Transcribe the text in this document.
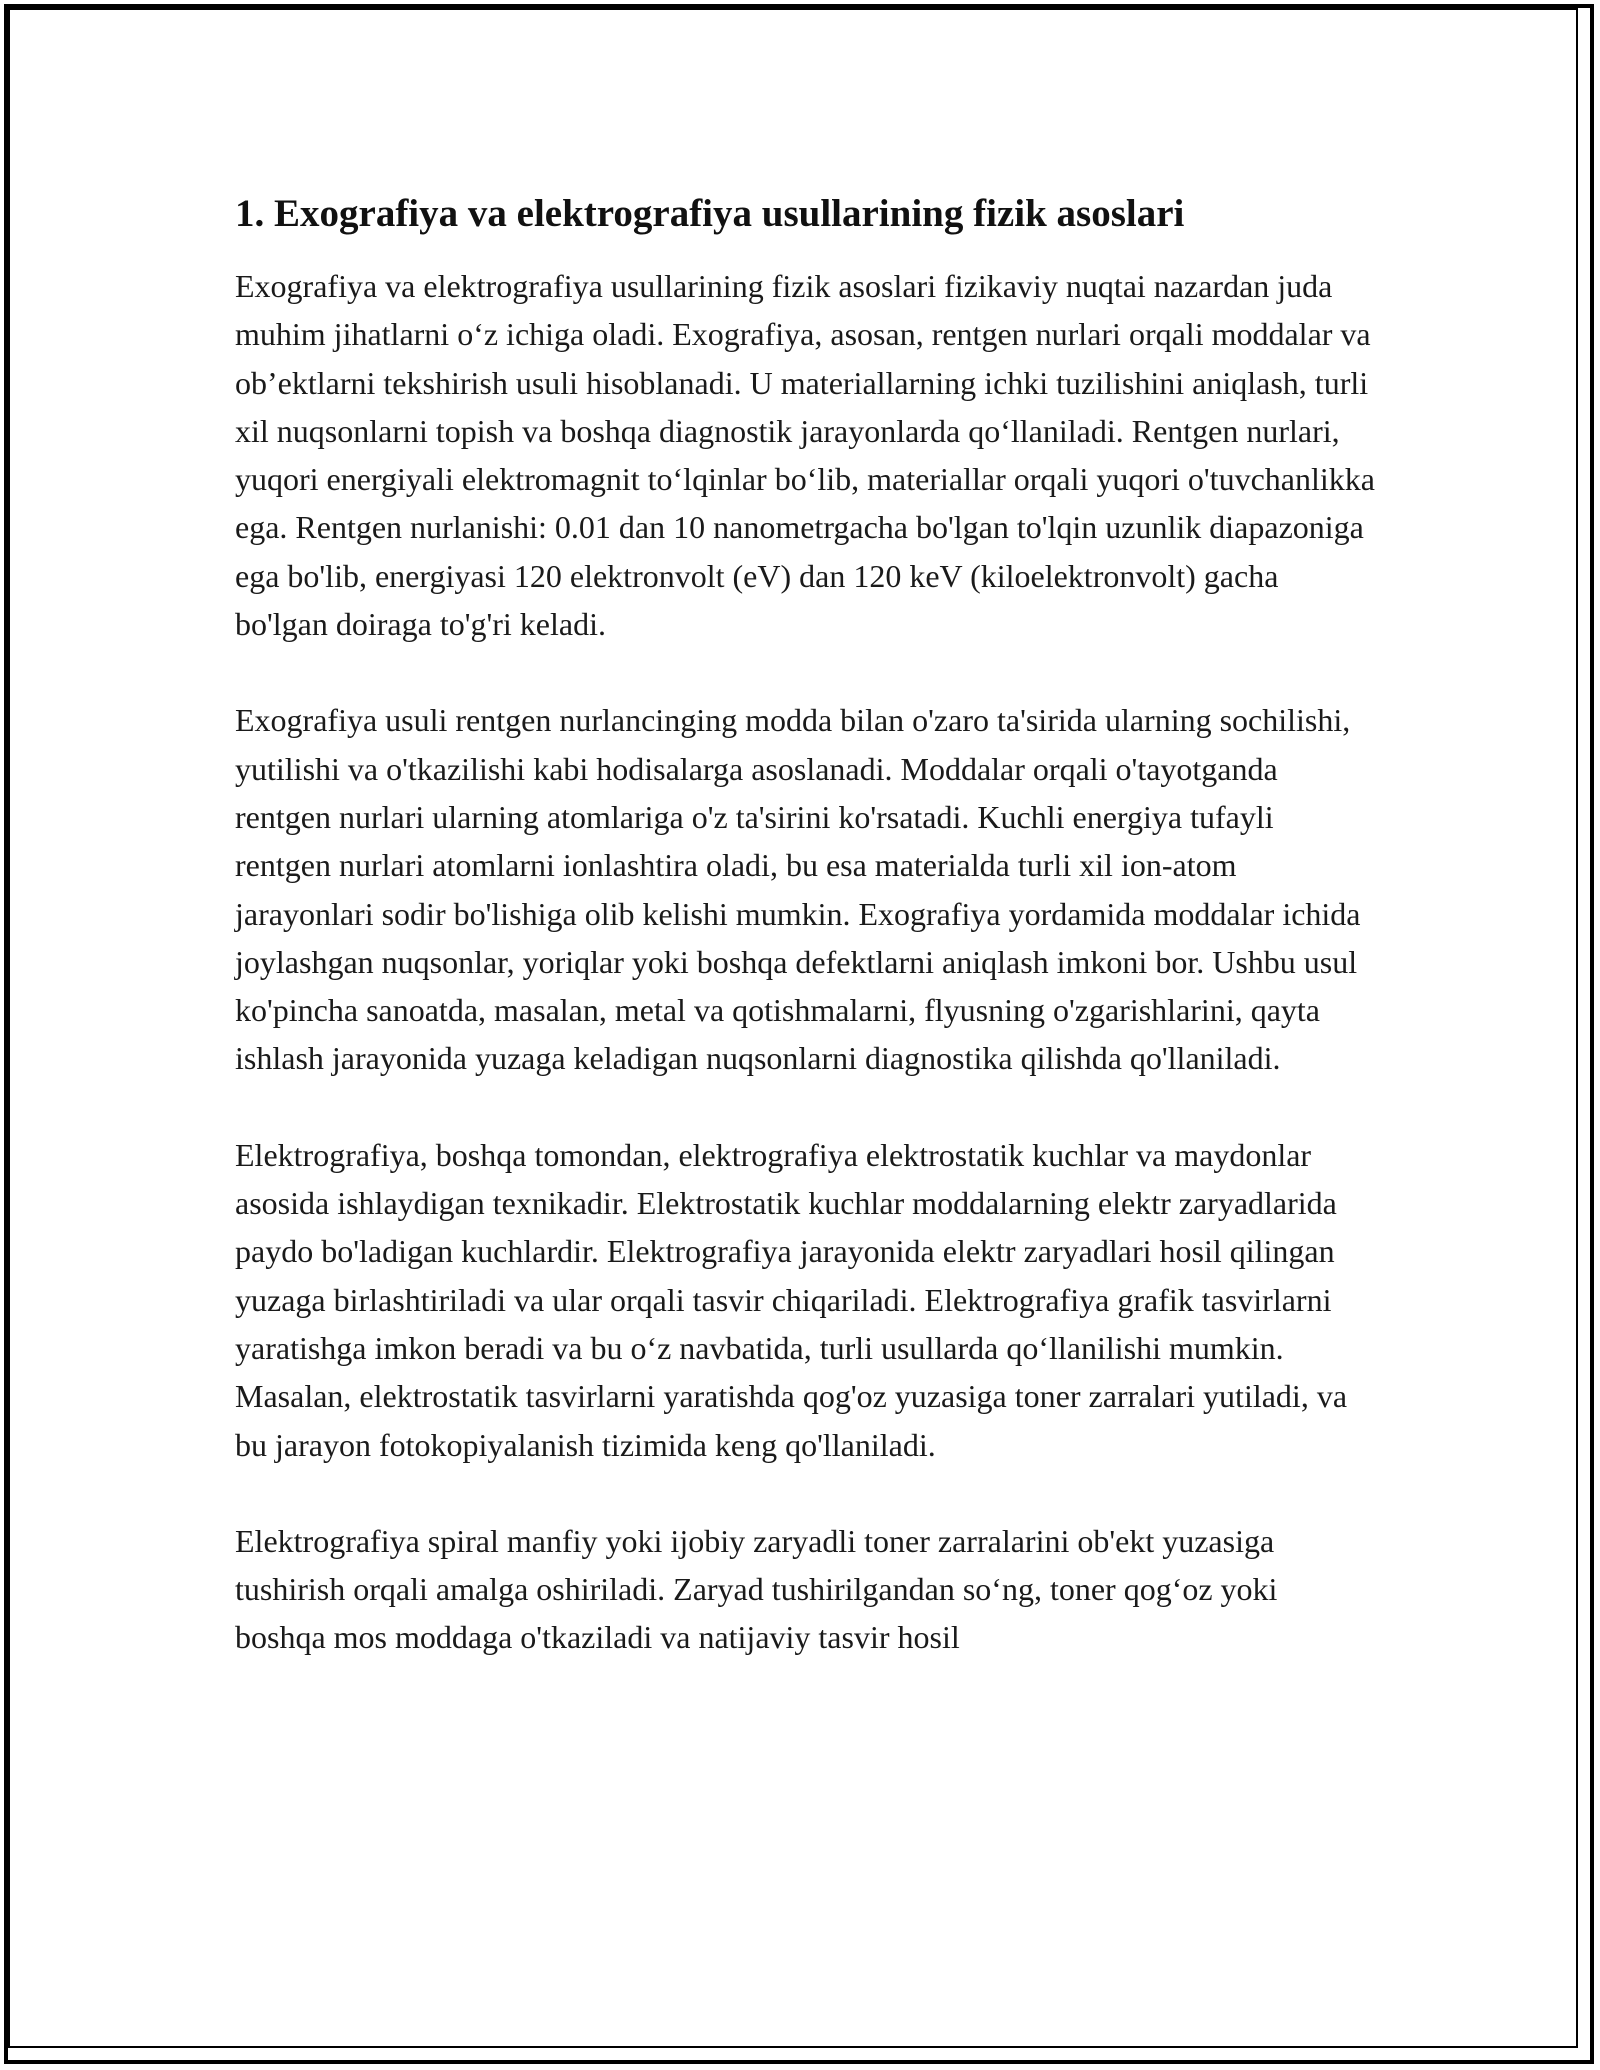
1. Exografiya va elektrografiya usullarining fizik asoslari

Exografiya va elektrografiya usullarining fizik asoslari fizikaviy nuqtai nazardan juda muhim jihatlarni o‘z ichiga oladi. Exografiya, asosan, rentgen nurlari orqali moddalar va ob’ektlarni tekshirish usuli hisoblanadi. U materiallarning ichki tuzilishini aniqlash, turli xil nuqsonlarni topish va boshqa diagnostik jarayonlarda qo‘llaniladi. Rentgen nurlari, yuqori energiyali elektromagnit to‘lqinlar bo‘lib, materiallar orqali yuqori o'tuvchanlikka ega. Rentgen nurlanishi: 0.01 dan 10 nanometrgacha bo'lgan to'lqin uzunlik diapazoniga ega bo'lib, energiyasi 120 elektronvolt (eV) dan 120 keV (kiloelektronvolt) gacha bo'lgan doiraga to'g'ri keladi.

Exografiya usuli rentgen nurlancinging modda bilan o'zaro ta'sirida ularning sochilishi, yutilishi va o'tkazilishi kabi hodisalarga asoslanadi. Moddalar orqali o'tayotganda rentgen nurlari ularning atomlariga o'z ta'sirini ko'rsatadi. Kuchli energiya tufayli rentgen nurlari atomlarni ionlashtira oladi, bu esa materialda turli xil ion-atom jarayonlari sodir bo'lishiga olib kelishi mumkin. Exografiya yordamida moddalar ichida joylashgan nuqsonlar, yoriqlar yoki boshqa defektlarni aniqlash imkoni bor. Ushbu usul ko'pincha sanoatda, masalan, metal va qotishmalarni, flyusning o'zgarishlarini, qayta ishlash jarayonida yuzaga keladigan nuqsonlarni diagnostika qilishda qo'llaniladi.

Elektrografiya, boshqa tomondan, elektrografiya elektrostatik kuchlar va maydonlar asosida ishlaydigan texnikadir. Elektrostatik kuchlar moddalarning elektr zaryadlarida paydo bo'ladigan kuchlardir. Elektrografiya jarayonida elektr zaryadlari hosil qilingan yuzaga birlashtiriladi va ular orqali tasvir chiqariladi. Elektrografiya grafik tasvirlarni yaratishga imkon beradi va bu o‘z navbatida, turli usullarda qo‘llanilishi mumkin. Masalan, elektrostatik tasvirlarni yaratishda qog'oz yuzasiga toner zarralari yutiladi, va bu jarayon fotokopiyalanish tizimida keng qo'llaniladi.

Elektrografiya spiral manfiy yoki ijobiy zaryadli toner zarralarini ob'ekt yuzasiga tushirish orqali amalga oshiriladi. Zaryad tushirilgandan so‘ng, toner qog‘oz yoki boshqa mos moddaga o'tkaziladi va natijaviy tasvir hosil
